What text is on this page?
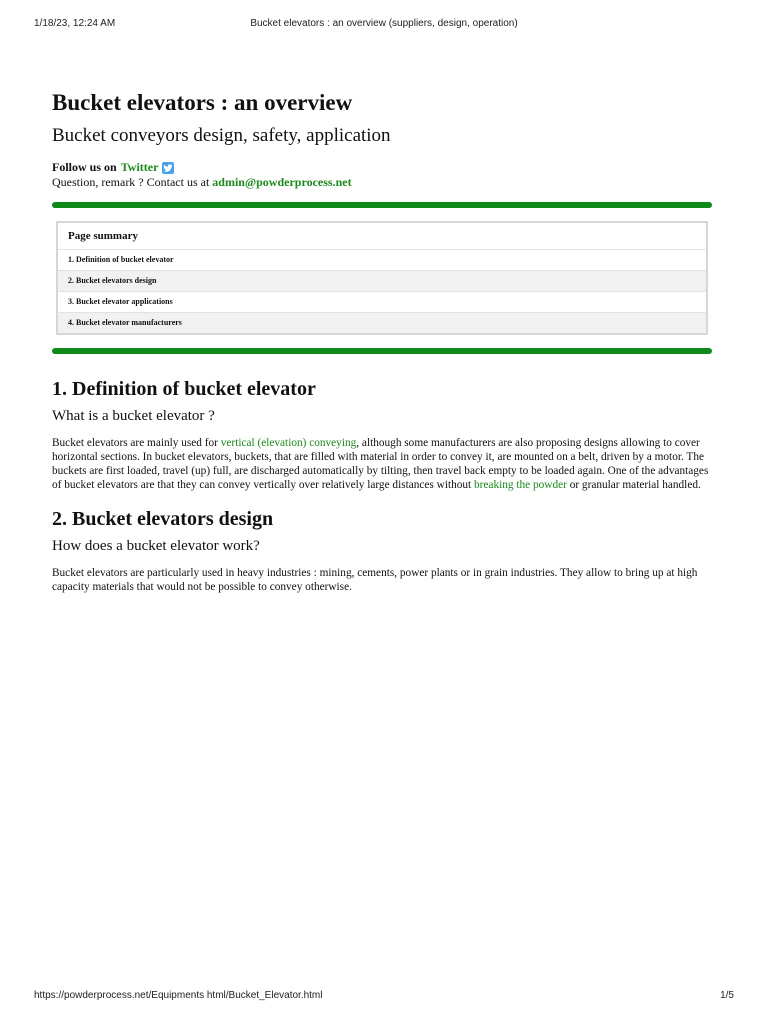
1/18/23, 12:24 AM	Bucket elevators : an overview (suppliers, design, operation)
Bucket elevators : an overview
Bucket conveyors design, safety, application
Follow us on Twitter
Question, remark ? Contact us at admin@powderprocess.net
Page summary
1. Definition of bucket elevator
2. Bucket elevators design
3. Bucket elevator applications
4. Bucket elevator manufacturers
1. Definition of bucket elevator
What is a bucket elevator ?

Bucket elevators are mainly used for vertical (elevation) conveying, although some manufacturers are also proposing designs allowing to cover horizontal sections. In bucket elevators, buckets, that are filled with material in order to convey it, are mounted on a belt, driven by a motor. The buckets are first loaded, travel (up) full, are discharged automatically by tilting, then travel back empty to be loaded again. One of the advantages of bucket elevators are that they can convey vertically over relatively large distances without breaking the powder or granular material handled.

2. Bucket elevators design
How does a bucket elevator work?

Bucket elevators are particularly used in heavy industries : mining, cements, power plants or in grain industries. They allow to bring up at high capacity materials that would not be possible to convey otherwise.

https://powderprocess.net/Equipments html/Bucket_Elevator.html	1/5
